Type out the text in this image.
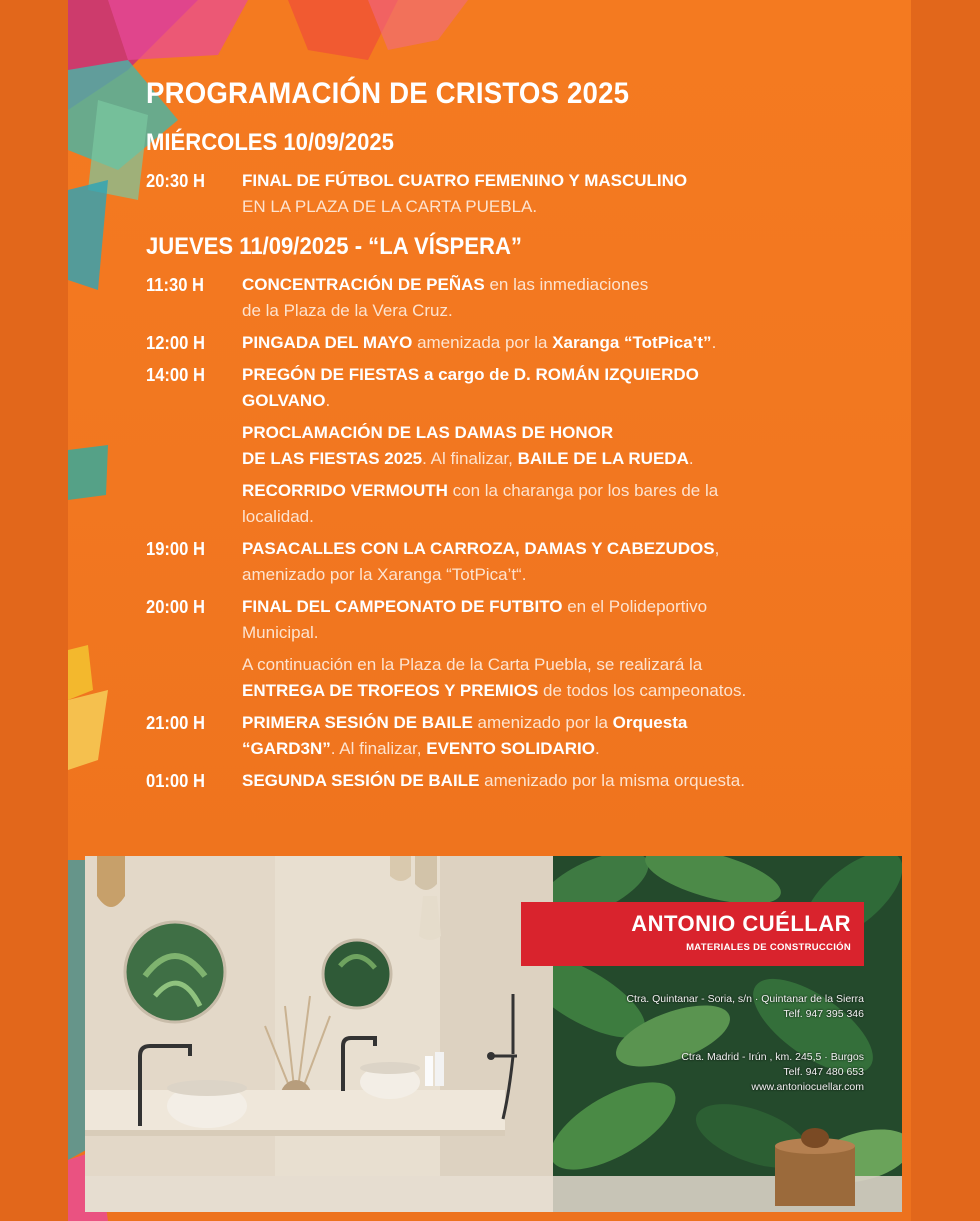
PROGRAMACIÓN DE CRISTOS 2025
MIÉRCOLES 10/09/2025
20:30 H	FINAL DE FÚTBOL CUATRO FEMENINO Y MASCULINO
EN LA PLAZA DE LA CARTA PUEBLA.
JUEVES 11/09/2025 - “LA VÍSPERA”
11:30 H	CONCENTRACIÓN DE PEÑAS en las inmediaciones
de la Plaza de la Vera Cruz.
12:00 H	PINGADA DEL MAYO amenizada por la Xaranga “TotPica’t”.
14:00 H	PREGÓN DE FIESTAS a cargo de D. ROMÁN IZQUIERDO
GOLVANO.
PROCLAMACIÓN DE LAS DAMAS DE HONOR
DE LAS FIESTAS 2025. Al finalizar, BAILE DE LA RUEDA.
RECORRIDO VERMOUTH con la charanga por los bares de la
localidad.
19:00 H	PASACALLES CON LA CARROZA, DAMAS Y CABEZUDOS,
amenizado por la Xaranga “TotPica’t“.
20:00 H	FINAL DEL CAMPEONATO DE FUTBITO en el Polideportivo
Municipal.
A continuación en la Plaza de la Carta Puebla, se realizará la
ENTREGA DE TROFEOS Y PREMIOS de todos los campeonatos.
21:00 H	PRIMERA SESIÓN DE BAILE amenizado por la Orquesta
“GARD3N”. Al finalizar, EVENTO SOLIDARIO.
01:00 H	SEGUNDA SESIÓN DE BAILE amenizado por la misma orquesta.
ANTONIO CUÉLLAR
MATERIALES DE CONSTRUCCIÓN
Ctra. Quintanar - Soria, s/n · Quintanar de la Sierra
Telf. 947 395 346
Ctra. Madrid - Irún , km. 245,5 · Burgos
Telf. 947 480 653
www.antoniocuellar.com
